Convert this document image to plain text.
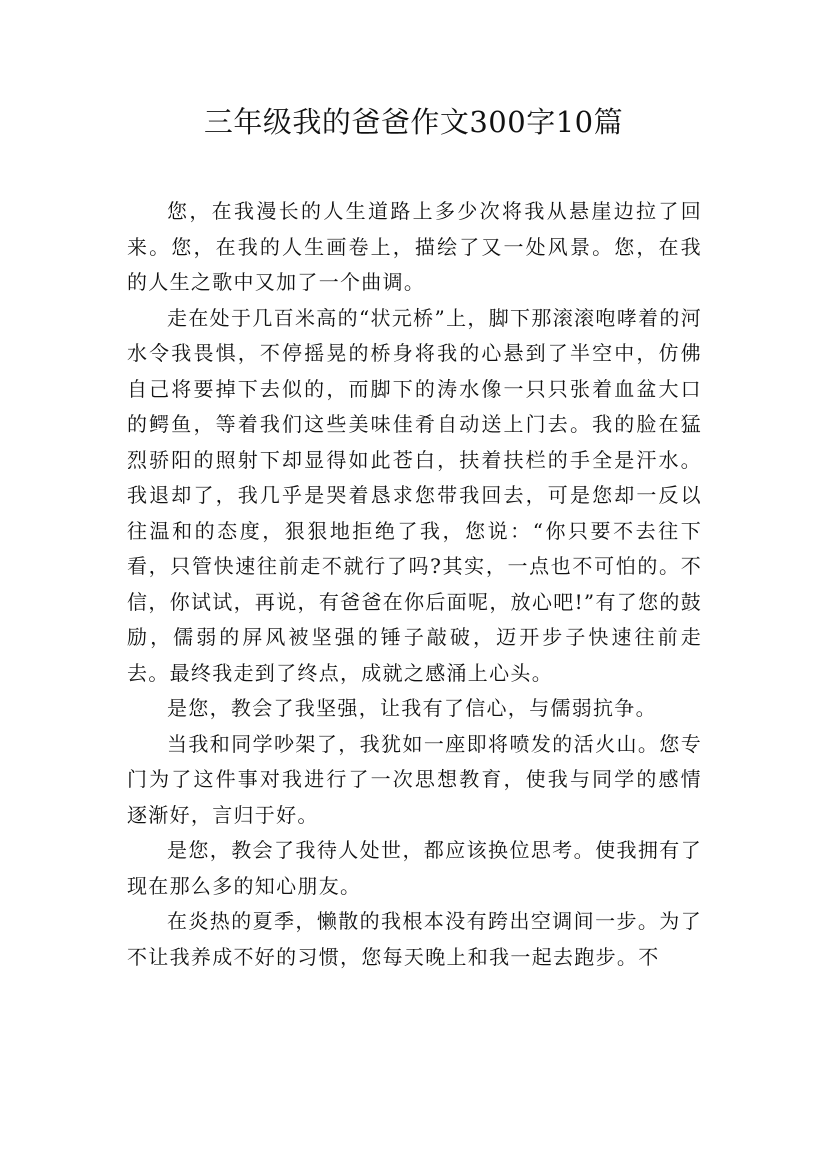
三年级我的爸爸作文300字10篇

您，在我漫长的人生道路上多少次将我从悬崖边拉了回来。您，在我的人生画卷上，描绘了又一处风景。您，在我的人生之歌中又加了一个曲调。

走在处于几百米高的“状元桥”上，脚下那滚滚咆哮着的河水令我畏惧，不停摇晃的桥身将我的心悬到了半空中，仿佛自己将要掉下去似的，而脚下的涛水像一只只张着血盆大口的鳄鱼，等着我们这些美味佳肴自动送上门去。我的脸在猛烈骄阳的照射下却显得如此苍白，扶着扶栏的手全是汗水。我退却了，我几乎是哭着恳求您带我回去，可是您却一反以往温和的态度，狠狠地拒绝了我，您说：“你只要不去往下看，只管快速往前走不就行了吗?其实，一点也不可怕的。不信，你试试，再说，有爸爸在你后面呢，放心吧!”有了您的鼓励，儒弱的屏风被坚强的锤子敲破，迈开步子快速往前走去。最终我走到了终点，成就之感涌上心头。

是您，教会了我坚强，让我有了信心，与儒弱抗争。

当我和同学吵架了，我犹如一座即将喷发的活火山。您专门为了这件事对我进行了一次思想教育，使我与同学的感情逐渐好，言归于好。

是您，教会了我待人处世，都应该换位思考。使我拥有了现在那么多的知心朋友。

在炎热的夏季，懒散的我根本没有跨出空调间一步。为了不让我养成不好的习惯，您每天晚上和我一起去跑步。不
